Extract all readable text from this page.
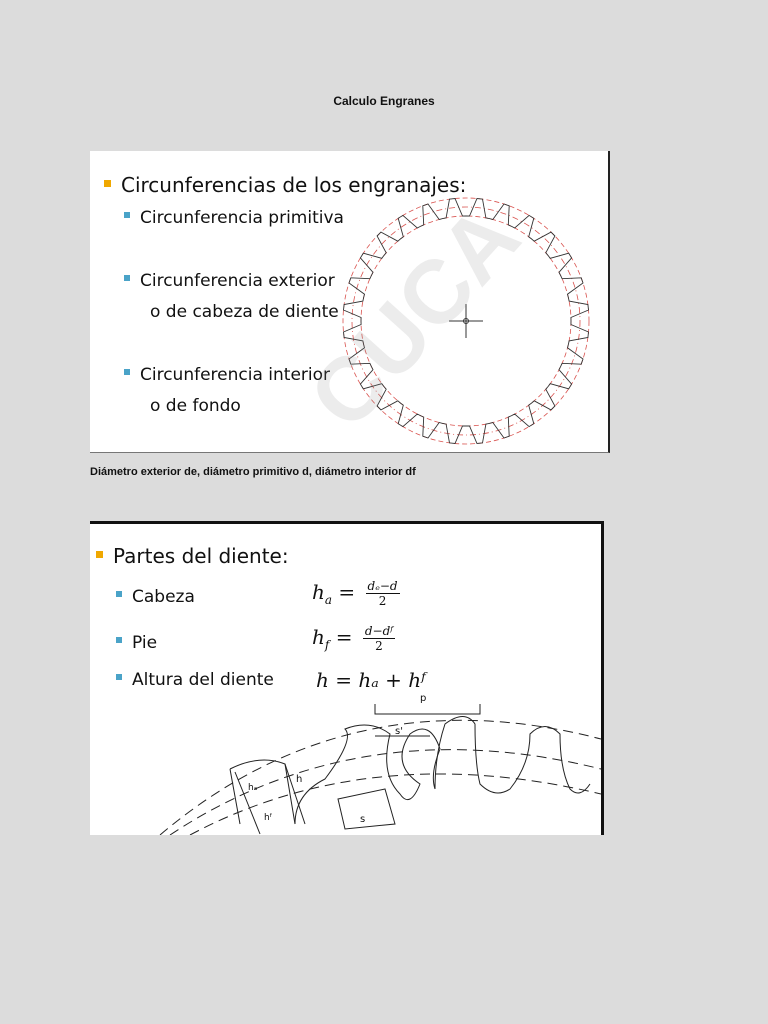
Calculo Engranes
Circunferencias de los engranajes:
Circunferencia primitiva
Circunferencia exterior
o de cabeza de diente
Circunferencia interior
o de fondo
Diámetro exterior de, diámetro primitivo d, diámetro interior df
Partes del diente:
Cabeza	$h_a = \frac{\text{dₑ−d}}{2}$
Pie	$h_f = \frac{\text{d−dᶠ}}{2}$
Altura del diente h = hₐ + hᶠ
p
s'
s
h
hₐ
hᶠ
